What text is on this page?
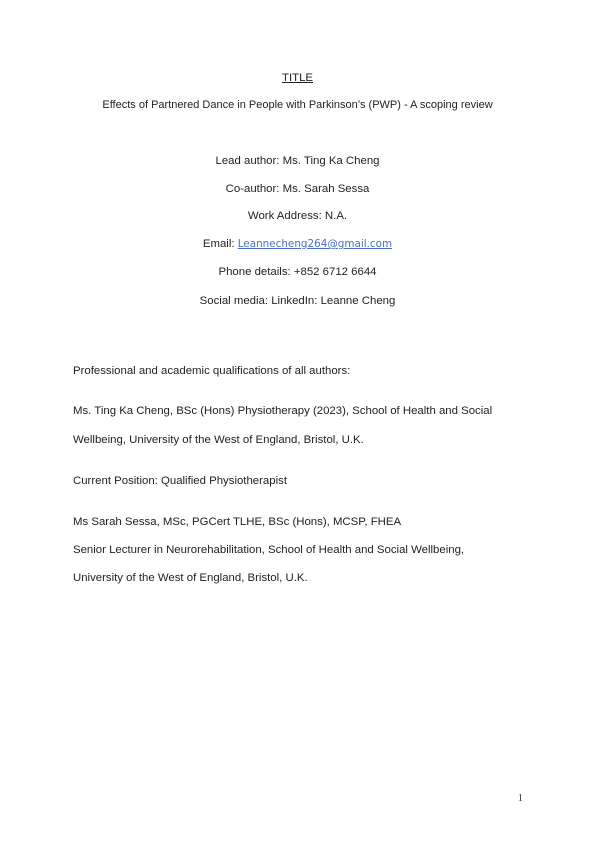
TITLE
Effects of Partnered Dance in People with Parkinson’s (PWP) - A scoping review
Lead author: Ms. Ting Ka Cheng
Co-author: Ms. Sarah Sessa
Work Address: N.A.
Email: Leannecheng264@gmail.com
Phone details: +852 6712 6644
Social media: LinkedIn: Leanne Cheng
Professional and academic qualifications of all authors:
Ms. Ting Ka Cheng, BSc (Hons) Physiotherapy (2023), School of Health and Social
Wellbeing, University of the West of England, Bristol, U.K.
Current Position: Qualified Physiotherapist
Ms Sarah Sessa, MSc, PGCert TLHE, BSc (Hons), MCSP, FHEA
Senior Lecturer in Neurorehabilitation, School of Health and Social Wellbeing,
University of the West of England, Bristol, U.K.
1
